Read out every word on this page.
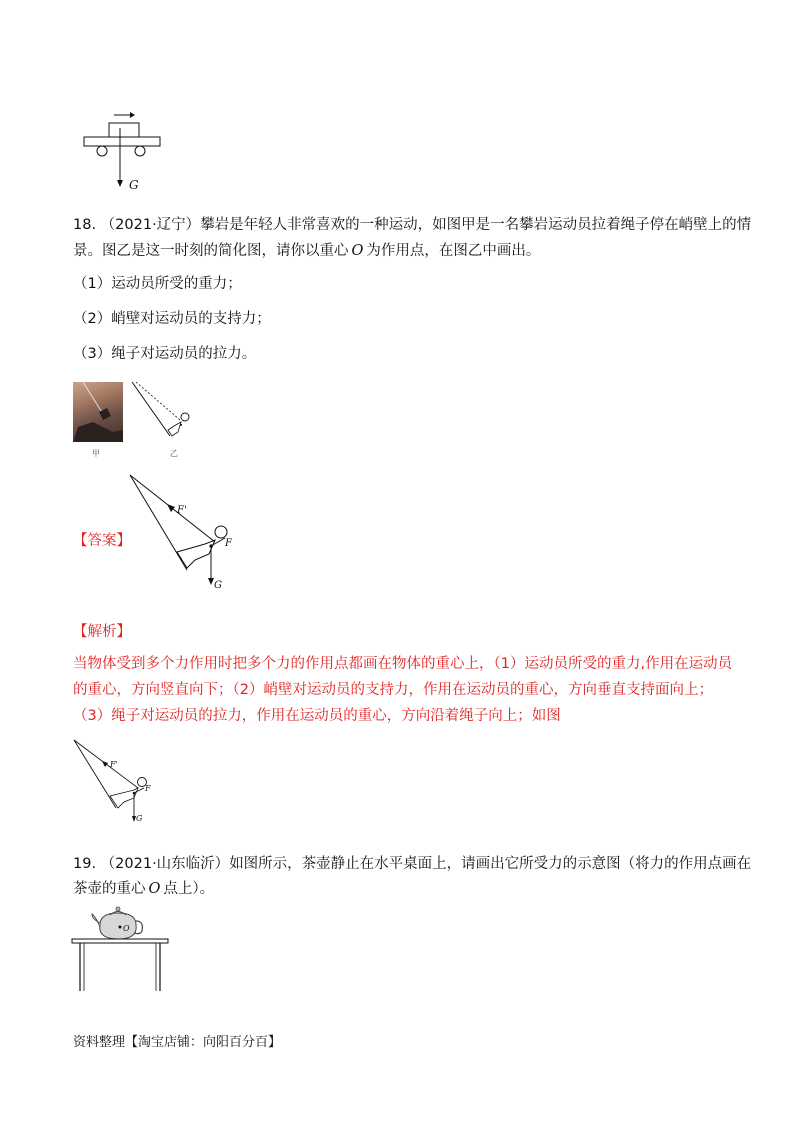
G
18. （2021·辽宁）攀岩是年轻人非常喜欢的一种运动，如图甲是一名攀岩运动员拉着绳子停在峭壁上的情
景。图乙是这一时刻的简化图，请你以重心 O 为作用点，在图乙中画出。
（1）运动员所受的重力；
（2）峭壁对运动员的支持力；
（3）绳子对运动员的拉力。
甲	乙
【答案】
F'
F
G
【解析】
当物体受到多个力作用时把多个力的作用点都画在物体的重心上，（1）运动员所受的重力,作用在运动员
的重心，方向竖直向下；（2）峭壁对运动员的支持力，作用在运动员的重心，方向垂直支持面向上；
（3）绳子对运动员的拉力，作用在运动员的重心，方向沿着绳子向上；如图
F'
F
G
19. （2021·山东临沂）如图所示，茶壶静止在水平桌面上，请画出它所受力的示意图（将力的作用点画在
茶壶的重心 O 点上）。
O
资料整理【淘宝店铺：向阳百分百】
